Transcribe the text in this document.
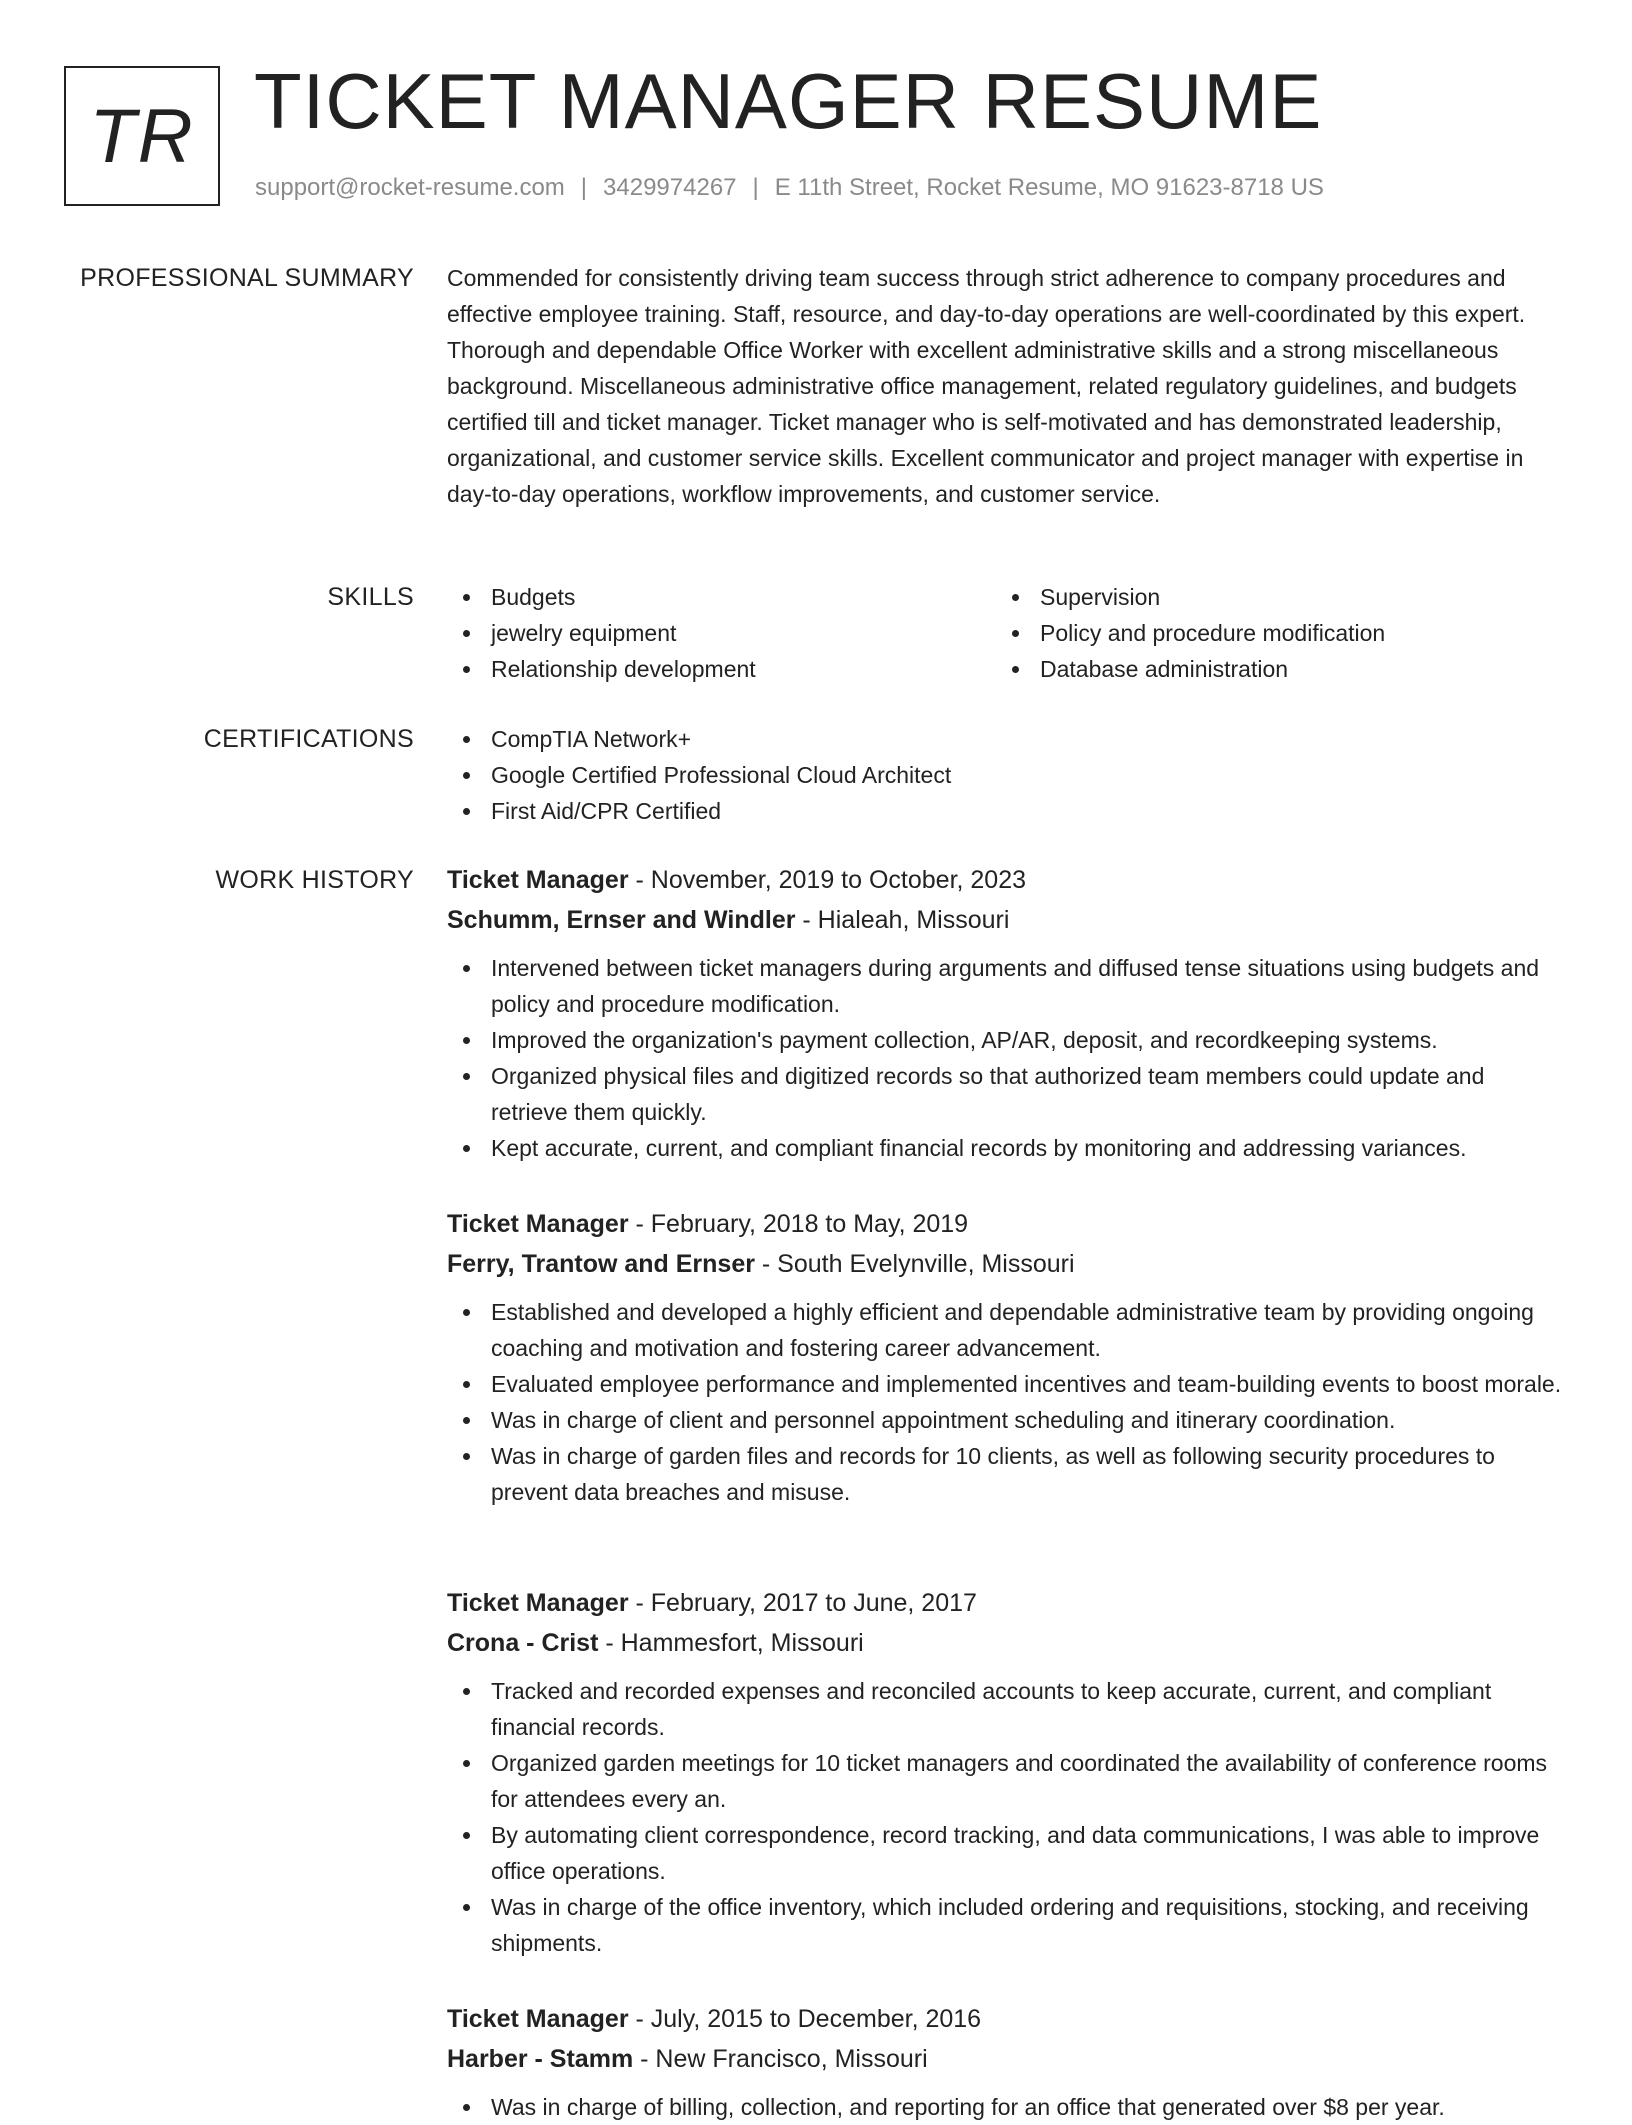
TR TICKET MANAGER RESUME
support@rocket-resume.com | 3429974267 | E 11th Street, Rocket Resume, MO 91623-8718 US
PROFESSIONAL SUMMARY Commended for consistently driving team success through strict adherence to company procedures and effective employee training. Staff, resource, and day-to-day operations are well-coordinated by this expert. Thorough and dependable Office Worker with excellent administrative skills and a strong miscellaneous background. Miscellaneous administrative office management, related regulatory guidelines, and budgets certified till and ticket manager. Ticket manager who is self-motivated and has demonstrated leadership, organizational, and customer service skills. Excellent communicator and project manager with expertise in day-to-day operations, workflow improvements, and customer service.

SKILLS	Budgets	Supervision
jewelry equipment	Policy and procedure modification
Relationship development	Database administration
CERTIFICATIONS	CompTIA Network+
Google Certified Professional Cloud Architect
First Aid/CPR Certified
WORK HISTORY Ticket Manager - November, 2019 to October, 2023
Schumm, Ernser and Windler - Hialeah, Missouri
Intervened between ticket managers during arguments and diffused tense situations using budgets and policy and procedure modification.
Improved the organization's payment collection, AP/AR, deposit, and recordkeeping systems.
Organized physical files and digitized records so that authorized team members could update and retrieve them quickly.
Kept accurate, current, and compliant financial records by monitoring and addressing variances.
Ticket Manager - February, 2018 to May, 2019
Ferry, Trantow and Ernser - South Evelynville, Missouri
Established and developed a highly efficient and dependable administrative team by providing ongoing coaching and motivation and fostering career advancement.
Evaluated employee performance and implemented incentives and team-building events to boost morale.
Was in charge of client and personnel appointment scheduling and itinerary coordination.
Was in charge of garden files and records for 10 clients, as well as following security procedures to prevent data breaches and misuse.
Ticket Manager - February, 2017 to June, 2017
Crona - Crist - Hammesfort, Missouri
Tracked and recorded expenses and reconciled accounts to keep accurate, current, and compliant financial records.
Organized garden meetings for 10 ticket managers and coordinated the availability of conference rooms for attendees every an.
By automating client correspondence, record tracking, and data communications, I was able to improve office operations.
Was in charge of the office inventory, which included ordering and requisitions, stocking, and receiving shipments.
Ticket Manager - July, 2015 to December, 2016
Harber - Stamm - New Francisco, Missouri
Was in charge of billing, collection, and reporting for an office that generated over $8 per year.
